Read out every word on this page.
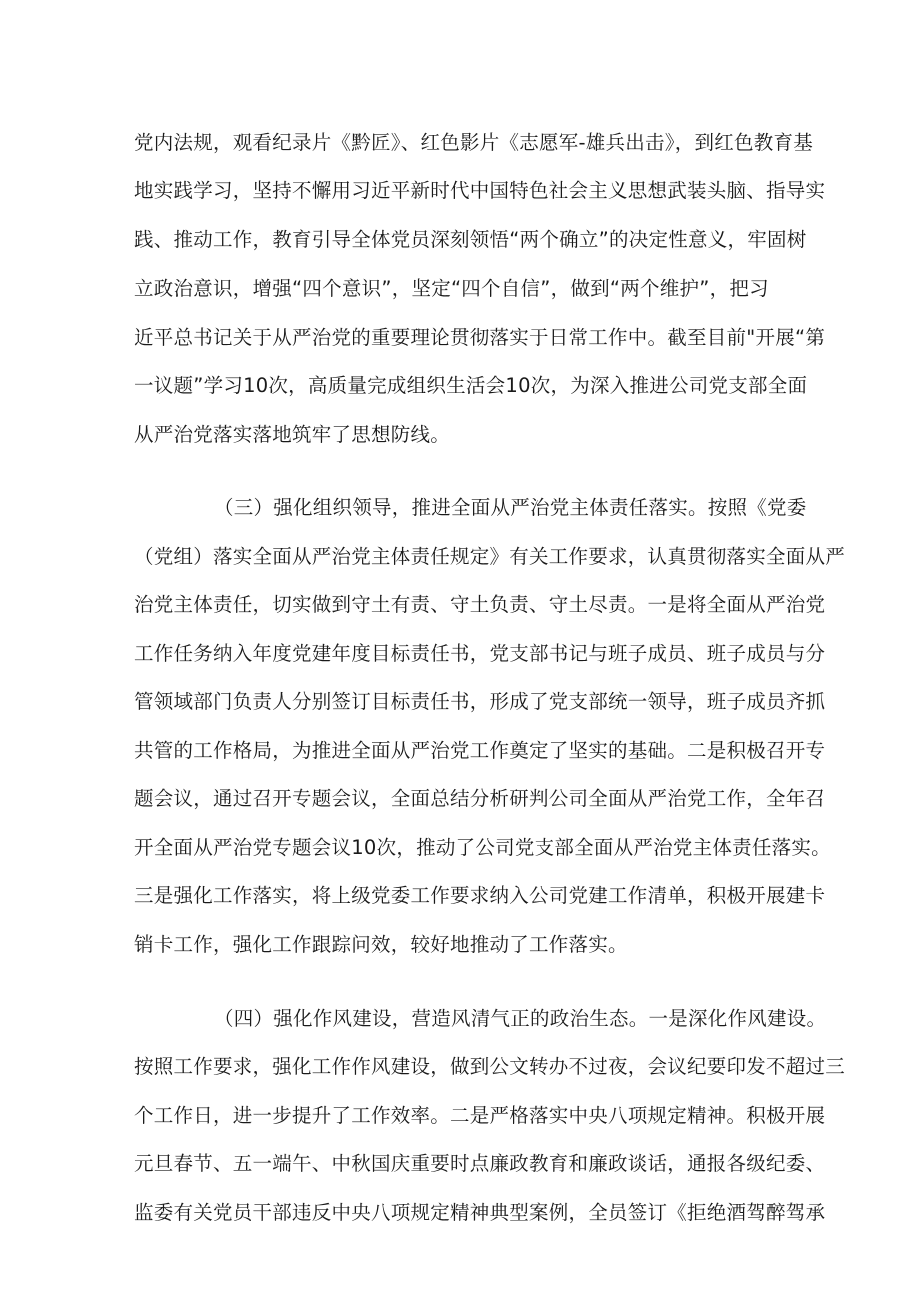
党内法规，观看纪录片《黔匠》、红色影片《志愿军-雄兵出击》，到红色教育基
地实践学习，坚持不懈用习近平新时代中国特色社会主义思想武装头脑、指导实
践、推动工作，教育引导全体党员深刻领悟“两个确立”的决定性意义，牢固树
立政治意识，增强“四个意识”，坚定“四个自信”，做到“两个维护”，把习
近平总书记关于从严治党的重要理论贯彻落实于日常工作中。截至目前"开展“第
一议题”学习10次，高质量完成组织生活会10次，为深入推进公司党支部全面
从严治党落实落地筑牢了思想防线。
（三）强化组织领导，推进全面从严治党主体责任落实。按照《党委
（党组）落实全面从严治党主体责任规定》有关工作要求，认真贯彻落实全面从严
治党主体责任，切实做到守土有责、守土负责、守土尽责。一是将全面从严治党
工作任务纳入年度党建年度目标责任书，党支部书记与班子成员、班子成员与分
管领域部门负责人分别签订目标责任书，形成了党支部统一领导，班子成员齐抓
共管的工作格局，为推进全面从严治党工作奠定了坚实的基础。二是积极召开专
题会议，通过召开专题会议，全面总结分析研判公司全面从严治党工作，全年召
开全面从严治党专题会议10次，推动了公司党支部全面从严治党主体责任落实。
三是强化工作落实，将上级党委工作要求纳入公司党建工作清单，积极开展建卡
销卡工作，强化工作跟踪问效，较好地推动了工作落实。
（四）强化作风建设，营造风清气正的政治生态。一是深化作风建设。
按照工作要求，强化工作作风建设，做到公文转办不过夜，会议纪要印发不超过三
个工作日，进一步提升了工作效率。二是严格落实中央八项规定精神。积极开展
元旦春节、五一端午、中秋国庆重要时点廉政教育和廉政谈话，通报各级纪委、
监委有关党员干部违反中央八项规定精神典型案例，全员签订《拒绝酒驾醉驾承
